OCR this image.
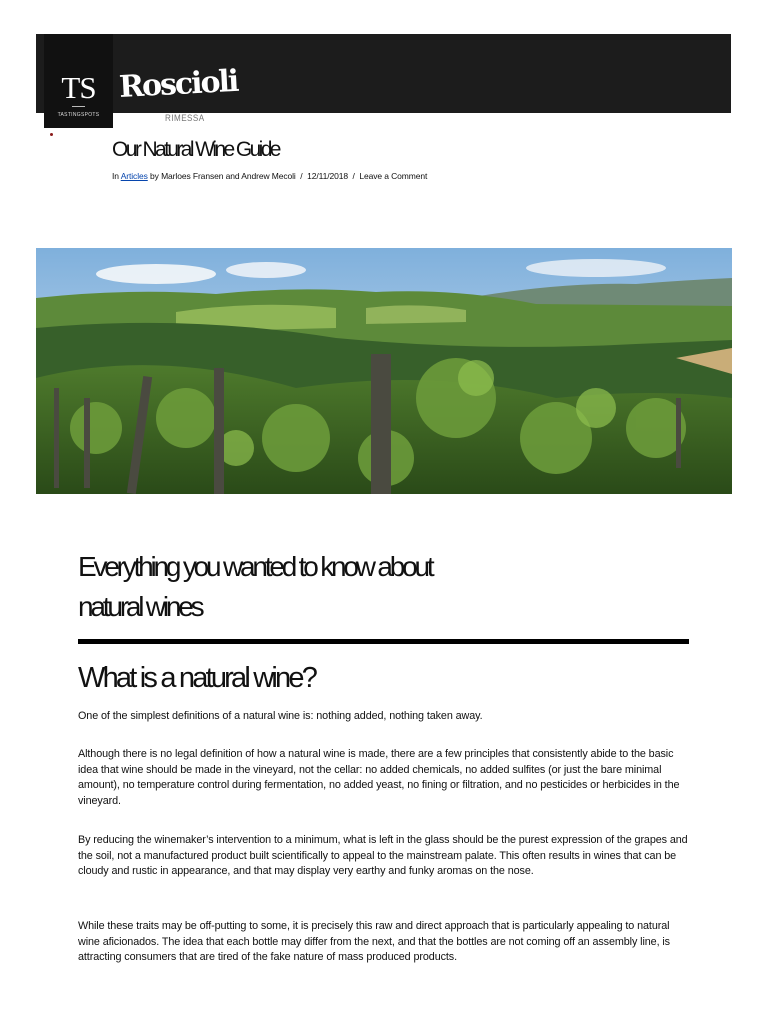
TS
TASTINGSPOTS
Roscioli
RIMESSA
Our Natural Wine Guide
In Articles by Marloes Fransen and Andrew Mecoli / 12/11/2018 / Leave a Comment
Everything you wanted to know about natural wines
What is a natural wine?

One of the simplest definitions of a natural wine is: nothing added, nothing taken away.

Although there is no legal definition of how a natural wine is made, there are a few principles that consistently abide to the basic idea that wine should be made in the vineyard, not the cellar: no added chemicals, no added sulfites (or just the bare minimal amount), no temperature control during fermentation, no added yeast, no fining or filtration, and no pesticides or herbicides in the vineyard.

By reducing the winemaker’s intervention to a minimum, what is left in the glass should be the purest expression of the grapes and the soil, not a manufactured product built scientifically to appeal to the mainstream palate. This often results in wines that can be cloudy and rustic in appearance, and that may display very earthy and funky aromas on the nose.

While these traits may be off-putting to some, it is precisely this raw and direct approach that is particularly appealing to natural wine aficionados. The idea that each bottle may differ from the next, and that the bottles are not coming off an assembly line, is attracting consumers that are tired of the fake nature of mass produced products.
